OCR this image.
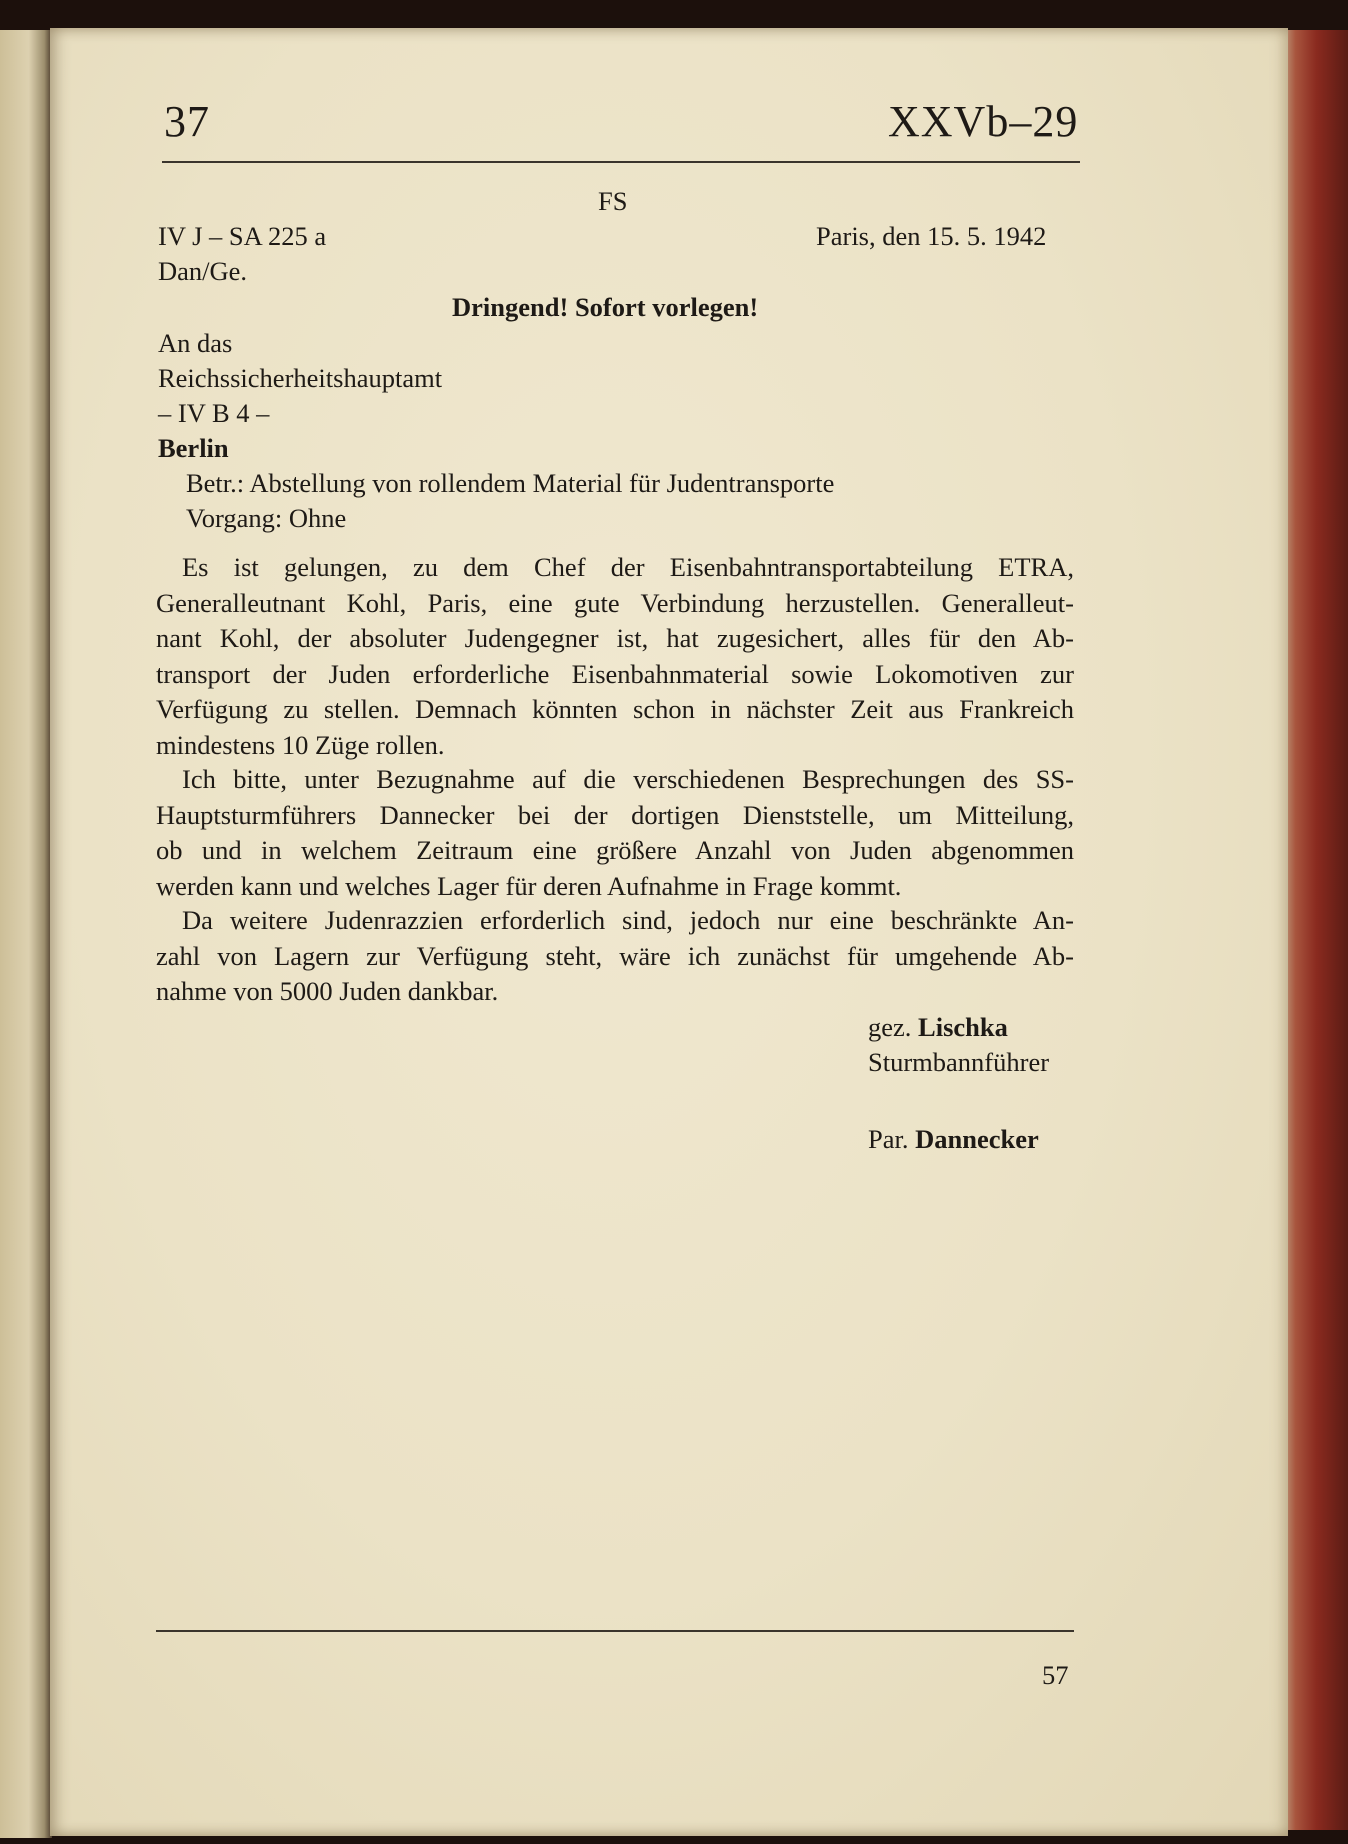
37	XXVb–29
FS
IV J – SA 225 a	Paris, den 15. 5. 1942
Dan/Ge.
Dringend! Sofort vorlegen!
An das
Reichssicherheitshauptamt
– IV B 4 –
Berlin
Betr.: Abstellung von rollendem Material für Judentransporte
Vorgang: Ohne
Es ist gelungen, zu dem Chef der Eisenbahntransportabteilung ETRA,
Generalleutnant Kohl, Paris, eine gute Verbindung herzustellen. Generalleut-
nant Kohl, der absoluter Judengegner ist, hat zugesichert, alles für den Ab-
transport der Juden erforderliche Eisenbahnmaterial sowie Lokomotiven zur
Verfügung zu stellen. Demnach könnten schon in nächster Zeit aus Frankreich
mindestens 10 Züge rollen.
Ich bitte, unter Bezugnahme auf die verschiedenen Besprechungen des SS-
Hauptsturmführers Dannecker bei der dortigen Dienststelle, um Mitteilung,
ob und in welchem Zeitraum eine größere Anzahl von Juden abgenommen
werden kann und welches Lager für deren Aufnahme in Frage kommt.
Da weitere Judenrazzien erforderlich sind, jedoch nur eine beschränkte An-
zahl von Lagern zur Verfügung steht, wäre ich zunächst für umgehende Ab-
nahme von 5000 Juden dankbar.
gez. Lischka
Sturmbannführer
Par. Dannecker
57
